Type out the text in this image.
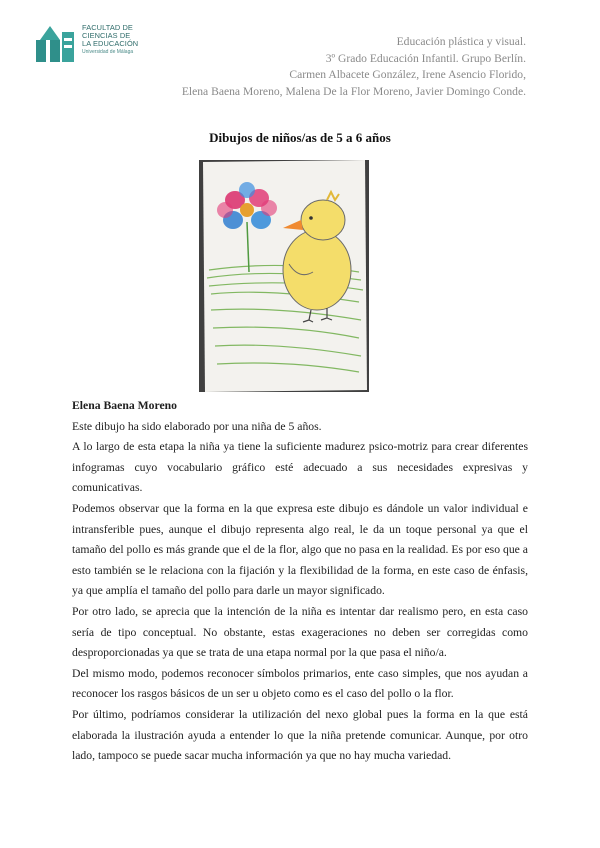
FACULTAD DE
CIENCIAS DE
LA EDUCACIÓN
Universidad de Málaga
Educación plástica y visual.
3º Grado Educación Infantil. Grupo Berlín.
Carmen Albacete González, Irene Asencio Florido,
Elena Baena Moreno, Malena De la Flor Moreno, Javier Domingo Conde.
Dibujos de niños/as de 5 a 6 años
Elena Baena Moreno

Este dibujo ha sido elaborado por una niña de 5 años.

A lo largo de esta etapa la niña ya tiene la suficiente madurez psico-motriz para crear diferentes infogramas cuyo vocabulario gráfico esté adecuado a sus necesidades expresivas y comunicativas.

Podemos observar que la forma en la que expresa este dibujo es dándole un valor individual e intransferible pues, aunque el dibujo representa algo real, le da un toque personal ya que el tamaño del pollo es más grande que el de la flor, algo que no pasa en la realidad. Es por eso que a esto también se le relaciona con la fijación y la flexibilidad de la forma, en este caso de énfasis, ya que amplía el tamaño del pollo para darle un mayor significado.

Por otro lado, se aprecia que la intención de la niña es intentar dar realismo pero, en esta caso sería de tipo conceptual. No obstante, estas exageraciones no deben ser corregidas como desproporcionadas ya que se trata de una etapa normal por la que pasa el niño/a.

Del mismo modo, podemos reconocer símbolos primarios, ente caso simples, que nos ayudan a reconocer los rasgos básicos de un ser u objeto como es el caso del pollo o la flor.

Por último, podríamos considerar la utilización del nexo global pues la forma en la que está elaborada la ilustración ayuda a entender lo que la niña pretende comunicar. Aunque, por otro lado, tampoco se puede sacar mucha información ya que no hay mucha variedad.
